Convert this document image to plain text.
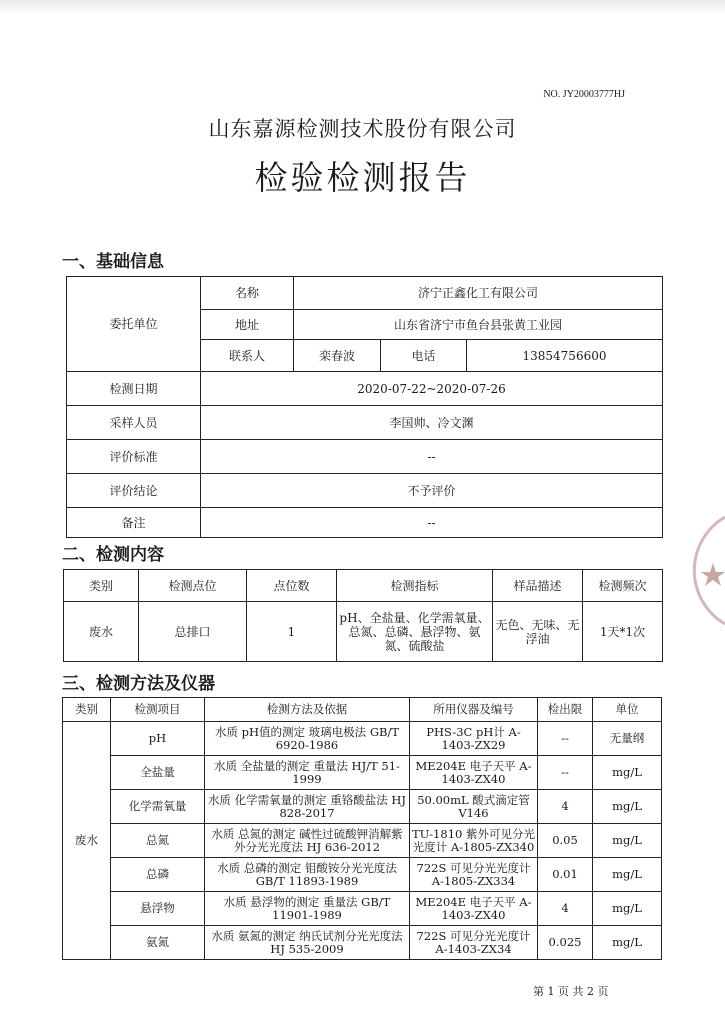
NO. JY20003777HJ
山东嘉源检测技术股份有限公司
检验检测报告
一、基础信息
委托单位	名称	济宁正鑫化工有限公司		
	地址	山东省济宁市鱼台县张黄工业园		
	联系人	栾春波	电话	13854756600
检测日期	2020-07-22~2020-07-26			
采样人员	李国帅、冷文渊			
评价标准	--			
评价结论	不予评价			
备注	--			
二、检测内容
类别	检测点位	点位数	检测指标	样品描述	检测频次
废水	总排口	1	pH、全盐量、化学需氧量、总氮、总磷、悬浮物、氨氮、硫酸盐	无色、无味、无浮油	1天*1次
三、检测方法及仪器
类别	检测项目	检测方法及依据	所用仪器及编号	检出限	单位
废水	pH	水质 pH值的测定 玻璃电极法 GB/T 6920-1986	PHS-3C pH计 A-1403-ZX29	--	无量纲
	全盐量	水质 全盐量的测定 重量法 HJ/T 51-1999	ME204E 电子天平 A-1403-ZX40	--	mg/L
	化学需氧量	水质 化学需氧量的测定 重铬酸盐法 HJ 828-2017	50.00mL 酸式滴定管 V146	4	mg/L
	总氮	水质 总氮的测定 碱性过硫酸钾消解紫外分光光度法 HJ 636-2012	TU-1810 紫外可见分光光度计 A-1805-ZX340	0.05	mg/L
	总磷	水质 总磷的测定 钼酸铵分光光度法 GB/T 11893-1989	722S 可见分光光度计 A-1805-ZX334	0.01	mg/L
	悬浮物	水质 悬浮物的测定 重量法 GB/T 11901-1989	ME204E 电子天平 A-1403-ZX40	4	mg/L
	氨氮	水质 氨氮的测定 纳氏试剂分光光度法 HJ 535-2009	722S 可见分光光度计 A-1403-ZX34	0.025	mg/L
第 1 页 共 2 页
